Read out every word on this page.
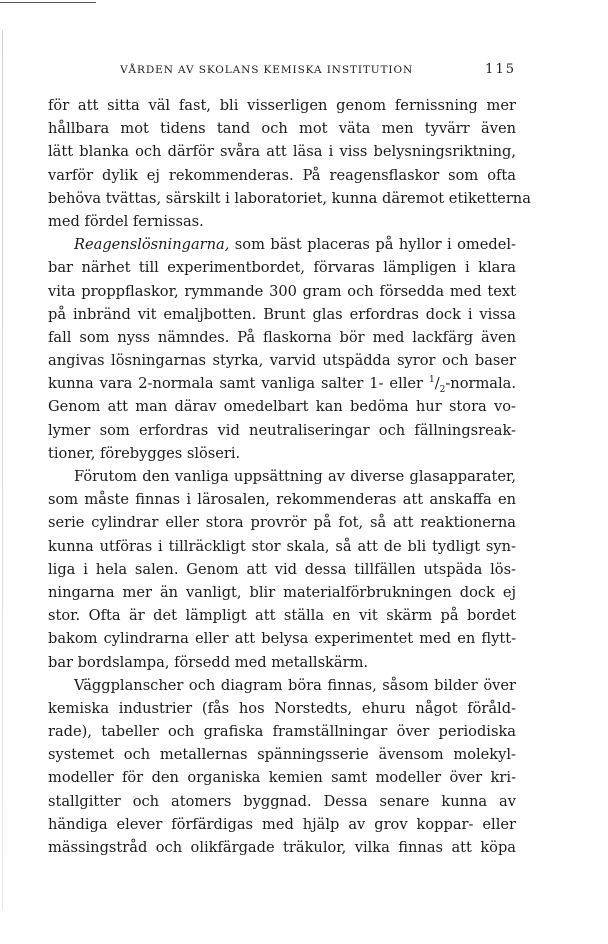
VÅRDEN AV SKOLANS KEMISKA INSTITUTION	115
för att sitta väl fast, bli visserligen genom fernissning mer
hållbara mot tidens tand och mot väta men tyvärr även
lätt blanka och därför svåra att läsa i viss belysningsriktning,
varför dylik ej rekommenderas. På reagensflaskor som ofta
behöva tvättas, särskilt i laboratoriet, kunna däremot etiketterna
med fördel fernissas.
Reagenslösningarna, som bäst placeras på hyllor i omedel-
bar närhet till experimentbordet, förvaras lämpligen i klara
vita proppflaskor, rymmande 300 gram och försedda med text
på inbränd vit emaljbotten. Brunt glas erfordras dock i vissa
fall som nyss nämndes. På flaskorna bör med lackfärg även
angivas lösningarnas styrka, varvid utspädda syror och baser
kunna vara 2-normala samt vanliga salter 1- eller $^1/_2$-normala.
Genom att man därav omedelbart kan bedöma hur stora vo-
lymer som erfordras vid neutraliseringar och fällningsreak-
tioner, förebygges slöseri.
Förutom den vanliga uppsättning av diverse glasapparater,
som måste finnas i lärosalen, rekommenderas att anskaffa en
serie cylindrar eller stora provrör på fot, så att reaktionerna
kunna utföras i tillräckligt stor skala, så att de bli tydligt syn-
liga i hela salen. Genom att vid dessa tillfällen utspäda lös-
ningarna mer än vanligt, blir materialförbrukningen dock ej
stor. Ofta är det lämpligt att ställa en vit skärm på bordet
bakom cylindrarna eller att belysa experimentet med en flytt-
bar bordslampa, försedd med metallskärm.
Väggplanscher och diagram böra finnas, såsom bilder över
kemiska industrier (fås hos Norstedts, ehuru något föråld-
rade), tabeller och grafiska framställningar över periodiska
systemet och metallernas spänningsserie ävensom molekyl-
modeller för den organiska kemien samt modeller över kri-
stallgitter och atomers byggnad. Dessa senare kunna av
händiga elever förfärdigas med hjälp av grov koppar- eller
mässingstråd och olikfärgade träkulor, vilka finnas att köpa
